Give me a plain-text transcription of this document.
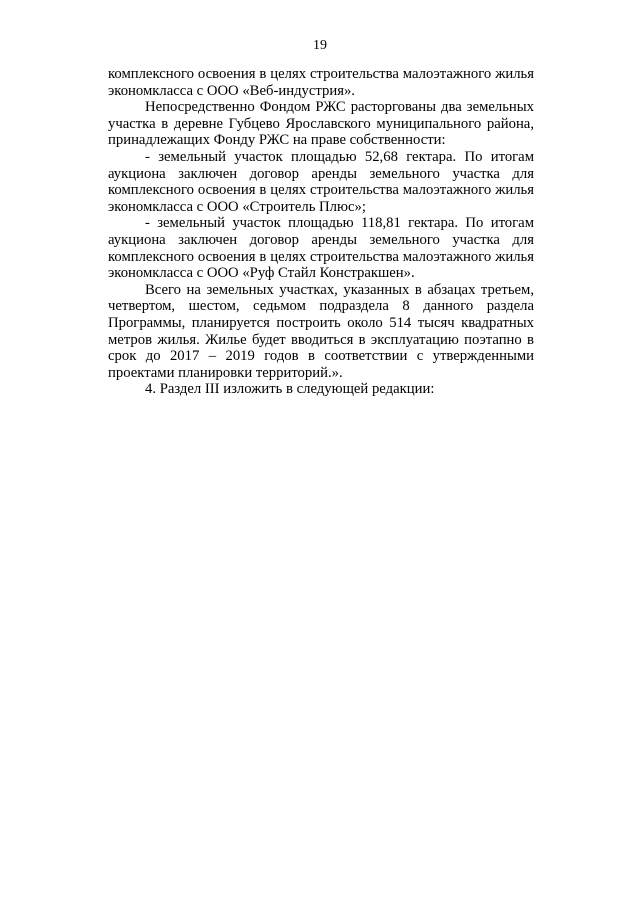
19

комплексного освоения в целях строительства малоэтажного жилья экономкласса с ООО «Веб-индустрия».

Непосредственно Фондом РЖС расторгованы два земельных участка в деревне Губцево Ярославского муниципального района, принадлежащих Фонду РЖС на праве собственности:

- земельный участок площадью 52,68 гектара. По итогам аукциона заключен договор аренды земельного участка для комплексного освоения в целях строительства малоэтажного жилья экономкласса с ООО «Строитель Плюс»;

- земельный участок площадью 118,81 гектара. По итогам аукциона заключен договор аренды земельного участка для комплексного освоения в целях строительства малоэтажного жилья экономкласса с ООО «Руф Стайл Констракшен».

Всего на земельных участках, указанных в абзацах третьем, четвертом, шестом, седьмом подраздела 8 данного раздела Программы, планируется построить около 514 тысяч квадратных метров жилья. Жилье будет вводиться в эксплуатацию поэтапно в срок до 2017 – 2019 годов в соответствии с утвержденными проектами планировки территорий.».

4. Раздел III изложить в следующей редакции:
